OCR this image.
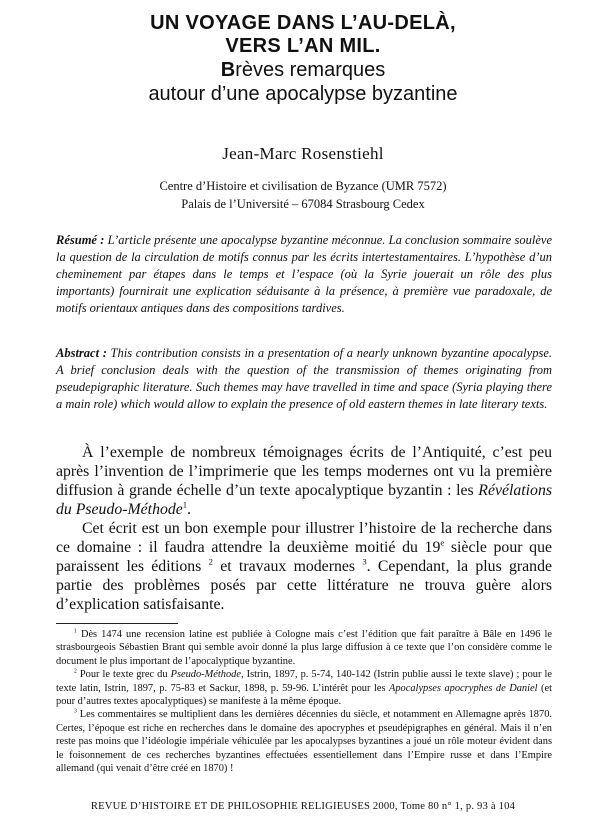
UN VOYAGE DANS L’AU-DELÀ,
VERS L’AN MIL.
Brèves remarques
autour d’une apocalypse byzantine
Jean-Marc Rosenstiehl
Centre d’Histoire et civilisation de Byzance (UMR 7572)
Palais de l’Université – 67084 Strasbourg Cedex
Résumé : L’article présente une apocalypse byzantine méconnue. La conclusion sommaire soulève la question de la circulation de motifs connus par les écrits intertestamentaires. L’hypothèse d’un cheminement par étapes dans le temps et l’espace (où la Syrie jouerait un rôle des plus importants) fournirait une explication séduisante à la présence, à première vue paradoxale, de motifs orientaux antiques dans des compositions tardives.
Abstract : This contribution consists in a presentation of a nearly unknown byzantine apocalypse. A brief conclusion deals with the question of the transmission of themes originating from pseudepigraphic literature. Such themes may have travelled in time and space (Syria playing there a main role) which would allow to explain the presence of old eastern themes in late literary texts.

À l’exemple de nombreux témoignages écrits de l’Antiquité, c’est peu après l’invention de l’imprimerie que les temps modernes ont vu la première diffusion à grande échelle d’un texte apocalyptique byzantin : les Révélations du Pseudo-Méthode$^1$.

Cet écrit est un bon exemple pour illustrer l’histoire de la recherche dans ce domaine : il faudra attendre la deuxième moitié du 19e siècle pour que paraissent les éditions $^2$ et travaux modernes $^3$. Cependant, la plus grande partie des problèmes posés par cette littérature ne trouva guère alors d’explication satisfaisante.

$^1$ Dès 1474 une recension latine est publiée à Cologne mais c’est l’édition que fait paraître à Bâle en 1496 le strasbourgeois Sébastien Brant qui semble avoir donné la plus large diffusion à ce texte que l’on considère comme le document le plus important de l’apocalyptique byzantine.

$^2$ Pour le texte grec du Pseudo-Méthode, Istrin, 1897, p. 5-74, 140-142 (Istrin publie aussi le texte slave) ; pour le texte latin, Istrin, 1897, p. 75-83 et Sackur, 1898, p. 59-96. L’intérêt pour les Apocalypses apocryphes de Daniel (et pour d’autres textes apocalyptiques) se manifeste à la même époque.

$^3$ Les commentaires se multiplient dans les dernières décennies du siècle, et notamment en Allemagne après 1870. Certes, l’époque est riche en recherches dans le domaine des apocryphes et pseudépigraphes en général. Mais il n’en reste pas moins que l’idéologie impériale véhiculée par les apocalypses byzantines a joué un rôle moteur évident dans le foisonnement de ces recherches byzantines effectuées essentiellement dans l’Empire russe et dans l’Empire allemand (qui venait d’être créé en 1870) !

REVUE D’HISTOIRE ET DE PHILOSOPHIE RELIGIEUSES 2000, Tome 80 n° 1, p. 93 à 104
